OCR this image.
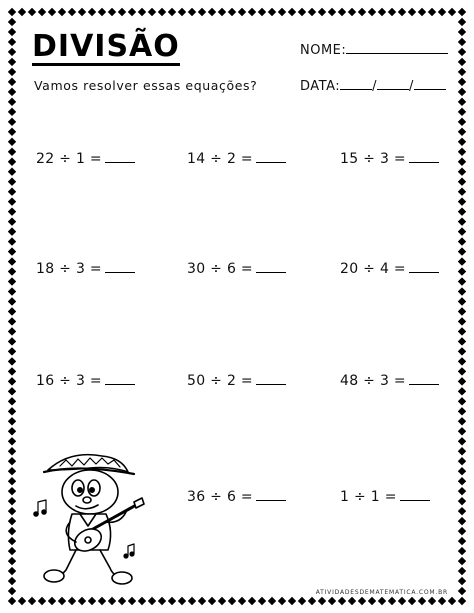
DIVISÃO
Vamos resolver essas equações?
NOME:
DATA: / /
22 ÷ 1 =	14 ÷ 2 =	15 ÷ 3 =
18 ÷ 3 =	30 ÷ 6 =	20 ÷ 4 =
16 ÷ 3 =	50 ÷ 2 =	48 ÷ 3 =
36 ÷ 6 =	1 ÷ 1 =
ATIVIDADESDEMATEMATICA.COM.BR
